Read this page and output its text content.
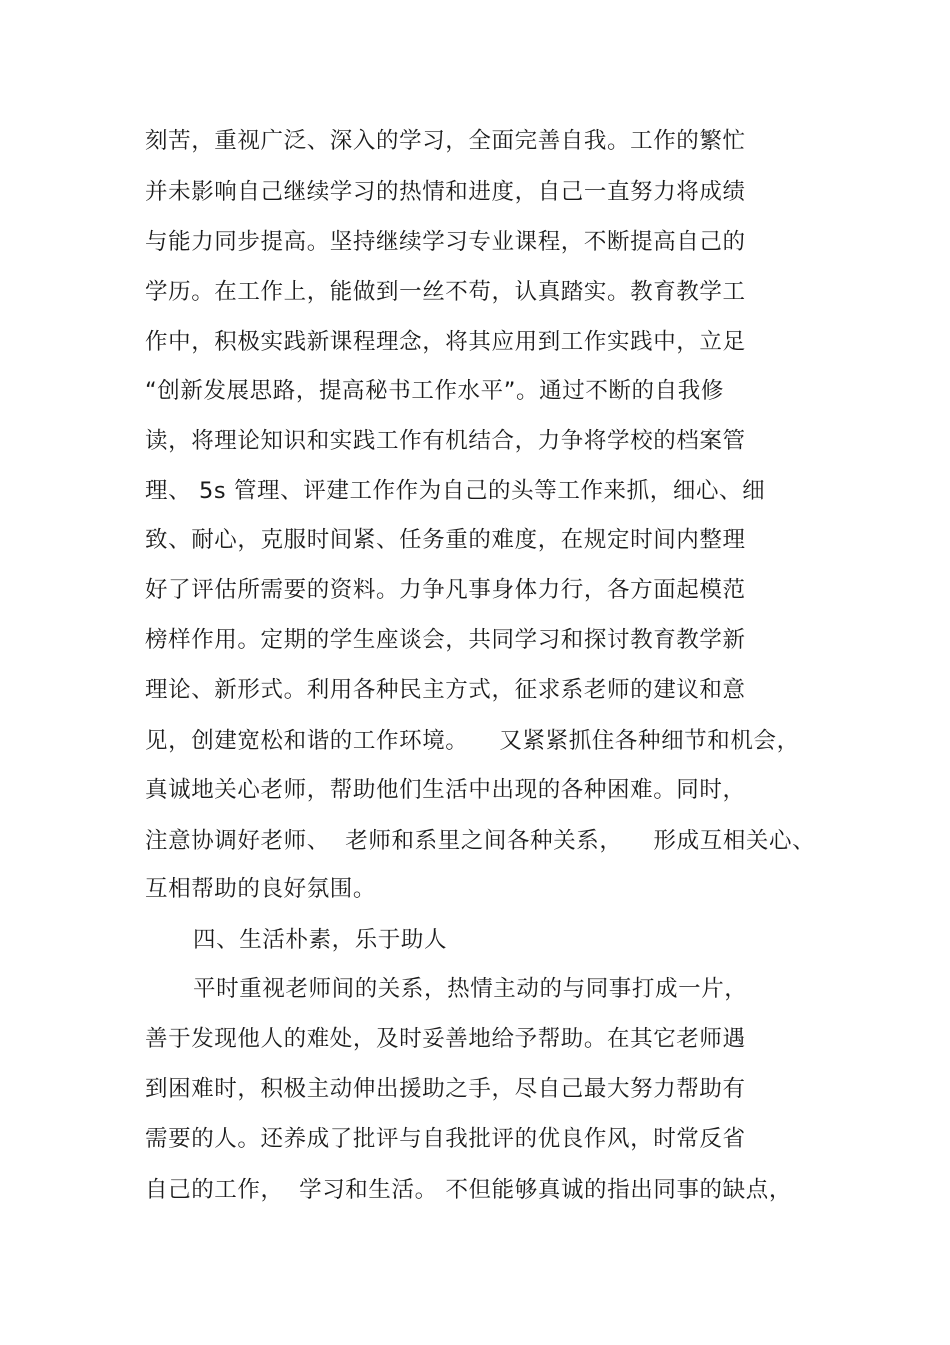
刻苦，重视广泛、深入的学习，全面完善自我。工作的繁忙
并未影响自己继续学习的热情和进度，自己一直努力将成绩
与能力同步提高。坚持继续学习专业课程，不断提高自己的
学历。在工作上，能做到一丝不苟，认真踏实。教育教学工
作中，积极实践新课程理念，将其应用到工作实践中，立足
“创新发展思路，提高秘书工作水平”。通过不断的自我修
读，将理论知识和实践工作有机结合，力争将学校的档案管
理、 5s 管理、评建工作作为自己的头等工作来抓，细心、细
致、耐心，克服时间紧、任务重的难度，在规定时间内整理
好了评估所需要的资料。力争凡事身体力行，各方面起模范
榜样作用。定期的学生座谈会，共同学习和探讨教育教学新
理论、新形式。利用各种民主方式，征求系老师的建议和意
见，创建宽松和谐的工作环境。    又紧紧抓住各种细节和机会，
真诚地关心老师，帮助他们生活中出现的各种困难。同时，
注意协调好老师、  老师和系里之间各种关系，    形成互相关心、
互相帮助的良好氛围。
四、生活朴素，乐于助人
平时重视老师间的关系，热情主动的与同事打成一片，
善于发现他人的难处，及时妥善地给予帮助。在其它老师遇
到困难时，积极主动伸出援助之手，尽自己最大努力帮助有
需要的人。还养成了批评与自我批评的优良作风，时常反省
自己的工作，  学习和生活。 不但能够真诚的指出同事的缺点，
